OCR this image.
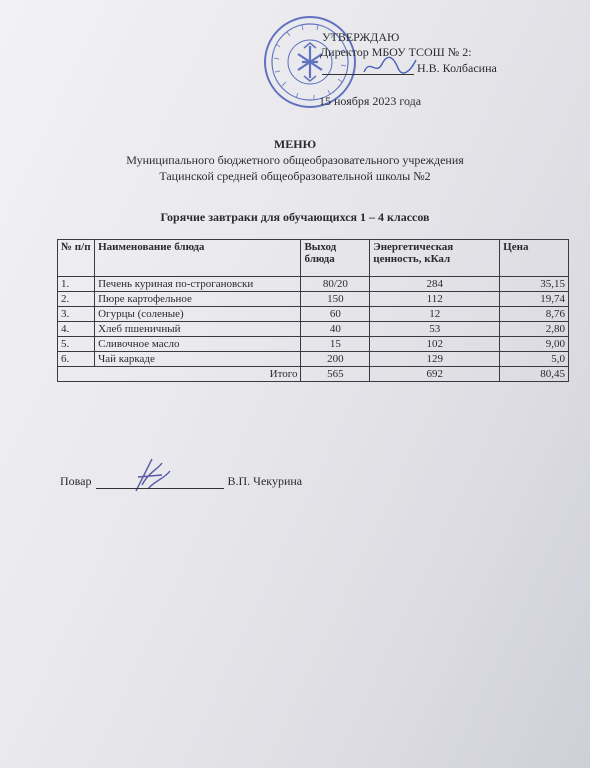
УТВЕРЖДАЮ
Директор МБОУ ТСОШ № 2:
Н.В. Колбасина
15 ноября 2023 года
МЕНЮ
Муниципального бюджетного общеобразовательного учреждения
Тацинской средней общеобразовательной школы №2
Горячие завтраки для обучающихся 1 – 4 классов
№ п/п	Наименование блюда	Выход блюда	Энергетическая ценность, кКал	Цена
1.	Печень куриная по-строгановски	80/20	284	35,15
2.	Пюре картофельное	150	112	19,74
3.	Огурцы (соленые)	60	12	8,76
4.	Хлеб пшеничный	40	53	2,80
5.	Сливочное масло	15	102	9,00
6.	Чай каркаде	200	129	5,0
Итого		565	692	80,45
Повар	В.П. Чекурина
